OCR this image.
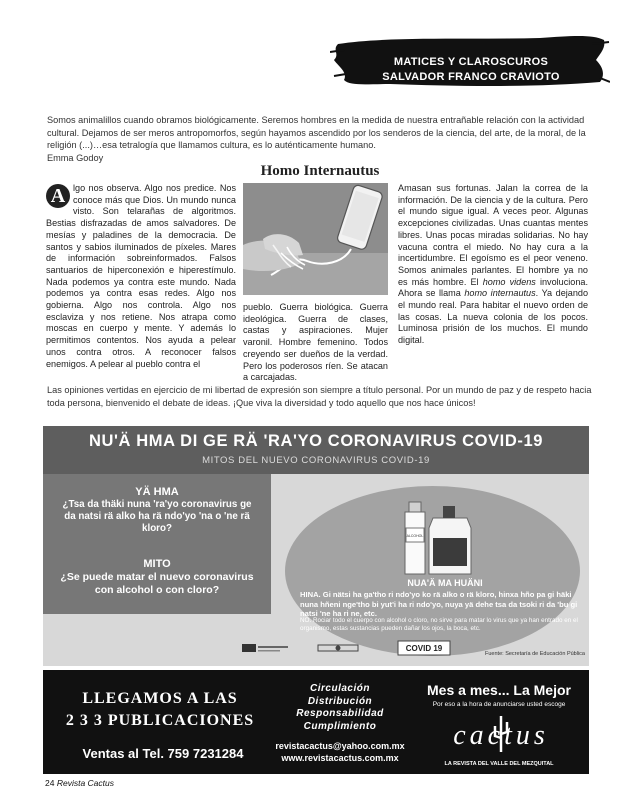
MATICES Y CLAROSCUROS
SALVADOR FRANCO CRAVIOTO
Somos animalillos cuando obramos biológicamente. Seremos hombres en la medida de nuestra entrañable relación con la actividad cultural. Dejamos de ser meros antropomorfos, según hayamos ascendido por los senderos de la ciencia, del arte, de la moral, de la religión (...)…esa tetralogía que llamamos cultura, es lo auténticamente humano.
Emma Godoy
Homo Internautus
A lgo nos observa. Algo nos predice. Nos conoce más que Dios. Un mundo nunca visto. Son telarañas de algoritmos. Bestias disfrazadas de amos salvadores. De mesías y paladines de la democracia. De santos y sabios iluminados de píxeles. Mares de información sobreinformados. Falsos santuarios de hiperconexión e hiperestímulo. Nada podemos ya contra este mundo. Nada podemos ya contra esas redes. Algo nos gobierna. Algo nos controla. Algo nos esclaviza y nos retiene. Nos atrapa como moscas en cuerpo y mente. Y además lo permitimos contentos. Nos ayuda a pelear unos contra otros. A reconocer falsos enemigos. A pelear al pueblo contra el
pueblo. Guerra biológica. Guerra ideológica. Guerra de clases, castas y aspiraciones. Mujer varonil. Hombre femenino. Todos creyendo ser dueños de la verdad. Pero los poderosos ríen. Se atacan a carcajadas.
Amasan sus fortunas. Jalan la correa de la información. De la ciencia y de la cultura. Pero el mundo sigue igual. A veces peor. Algunas excepciones civilizadas. Unas cuantas mentes libres. Unas pocas miradas solidarias. No hay vacuna contra el miedo. No hay cura a la incertidumbre. El egoísmo es el peor veneno. Somos animales parlantes. El hombre ya no es más hombre. El homo videns involuciona. Ahora se llama homo internautus. Ya dejando el mundo real. Para habitar el nuevo orden de las cosas. La nueva colonia de los pocos. Luminosa prisión de los muchos. El mundo digital.
Las opiniones vertidas en ejercicio de mi libertad de expresión son siempre a título personal. Por un mundo de paz y de respeto hacia toda persona, bienvenido el debate de ideas. ¡Que viva la diversidad y todo aquello que nos hace únicos!
NU'Ä HMA DI GE RÄ 'RA'YO CORONAVIRUS COVID-19
MITOS DEL NUEVO CORONAVIRUS COVID-19
YÄ HMA
¿Tsa da thäki nuna 'ra'yo coronavirus ge da natsi rä alko ha rä ndo'yo 'na o 'ne rä kloro?
MITO
¿Se puede matar el nuevo coronavirus con alcohol o con cloro?
ALCOHOL
NUA'Ä MA HUÄNI
HINA. Gi nätsi ha ga'tho ri ndo'yo ko rä alko o rä kloro, hinxa hño pa gi häki nuna hñeni nge'tho bi yut'i ha ri ndo'yo, nuya yä dehe tsa da tsoki ri da 'bu gi natsi 'ne ha ri ne, etc.
NO. Rociar todo el cuerpo con alcohol o cloro, no sirve para matar lo virus que ya han entrado en el organismo, estas sustancias pueden dañar los ojos, la boca, etc.
COVID 19
Fuente: Secretaría de Educación Pública
LLEGAMOS A LAS
2 3 3 PUBLICACIONES
Ventas al Tel. 759 7231284
Circulación
Distribución
Responsabilidad
Cumplimiento
revistacactus@yahoo.com.mx
www.revistacactus.com.mx
Mes a mes... La Mejor
Por eso a la hora de anunciarse usted escoge
cactus
LA REVISTA DEL VALLE DEL MEZQUITAL
24 Revista Cactus
